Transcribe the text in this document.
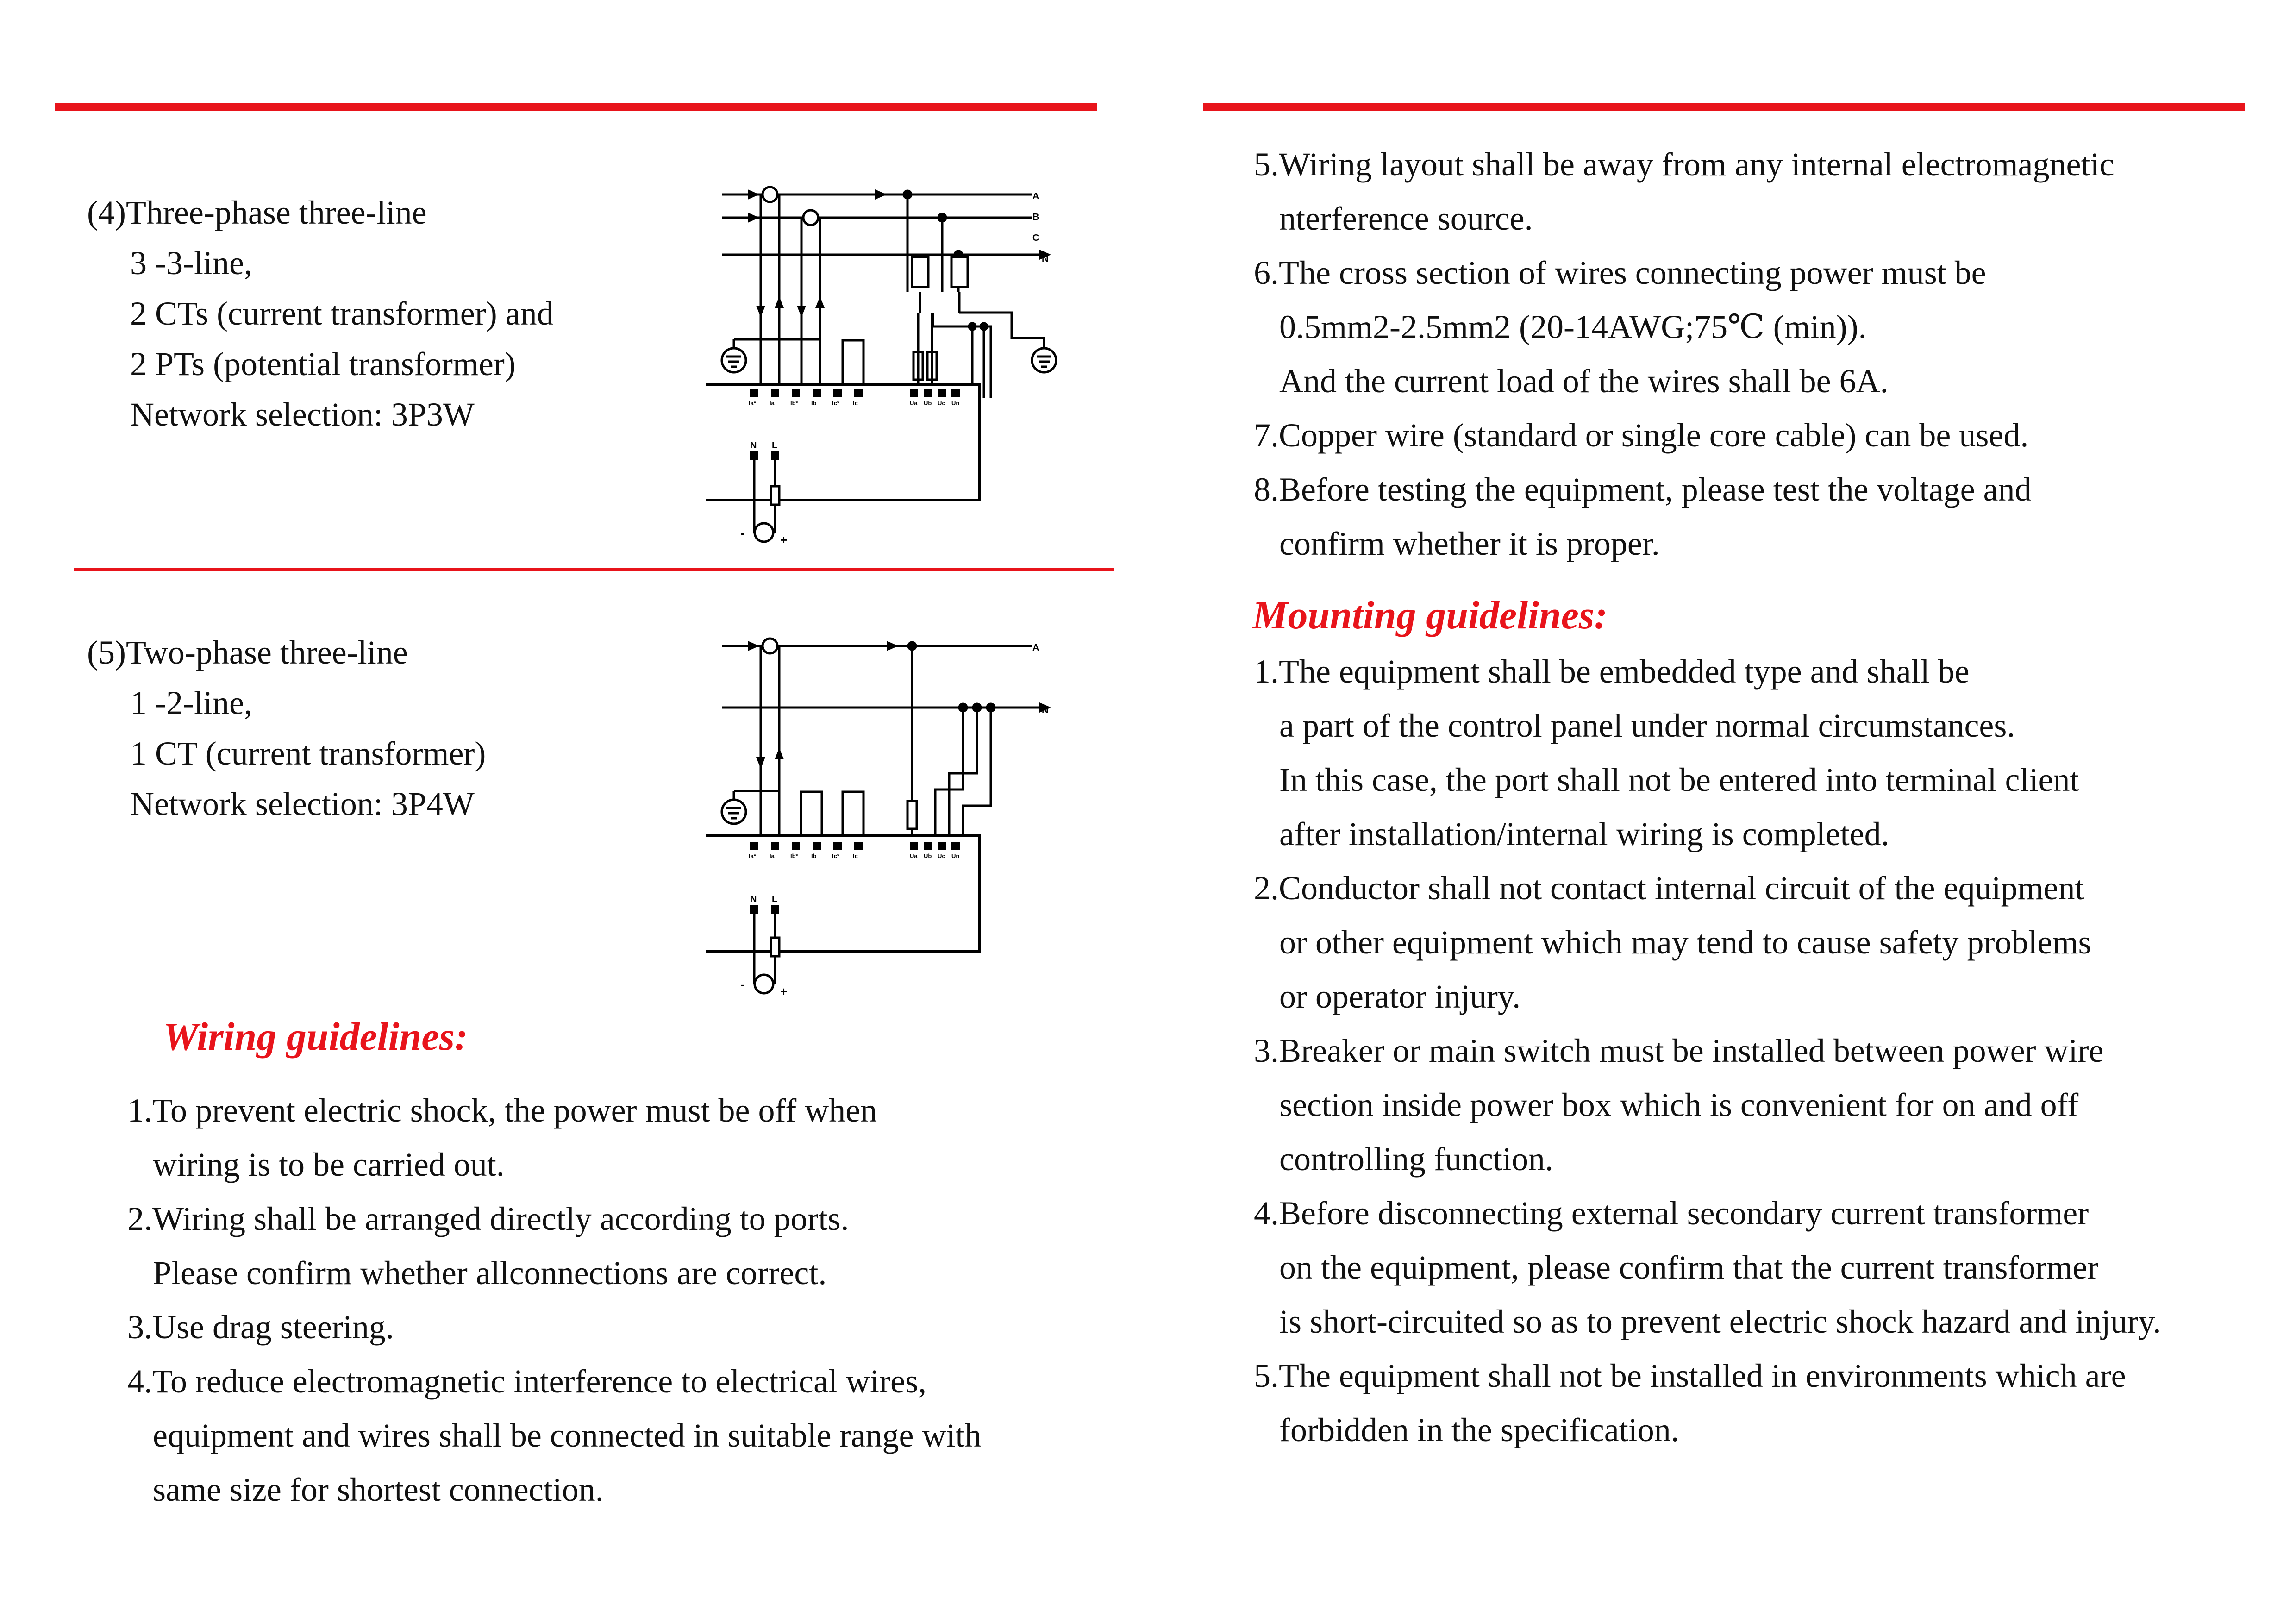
(4)Three-phase three-line
3 -3-line,
2 CTs (current transformer) and
2 PTs (potential transformer)
Network selection: 3P3W
(5)Two-phase three-line
1 -2-line,
1 CT (current transformer)
Network selection: 3P4W
Wiring guidelines:
1.To prevent electric shock, the power must be off when
wiring is to be carried out.
2.Wiring shall be arranged directly according to ports.
Please confirm whether allconnections are correct.
3.Use drag steering.
4.To reduce electromagnetic interference to electrical wires,
equipment and wires shall be connected in suitable range with
same size for shortest connection.
Ia* Ia	Ib* Ib	Ic* Ic	Ua Ub Uc Un
N L
-	+
A
B
C
N
Ia* Ia	Ib* Ib	Ic* Ic	Ua Ub Uc Un
N L
-	+
A
N
5.Wiring layout shall be away from any internal electromagnetic
nterference source.
6.The cross section of wires connecting power must be
0.5mm2-2.5mm2 (20-14AWG;75℃ (min)).
And the current load of the wires shall be 6A.
7.Copper wire (standard or single core cable) can be used.
8.Before testing the equipment, please test the voltage and
confirm whether it is proper.
Mounting guidelines:
1.The equipment shall be embedded type and shall be
a part of the control panel under normal circumstances.
In this case, the port shall not be entered into terminal client
after installation/internal wiring is completed.
2.Conductor shall not contact internal circuit of the equipment
or other equipment which may tend to cause safety problems
or operator injury.
3.Breaker or main switch must be installed between power wire
section inside power box which is convenient for on and off
controlling function.
4.Before disconnecting external secondary current transformer
on the equipment, please confirm that the current transformer
is short-circuited so as to prevent electric shock hazard and injury.
5.The equipment shall not be installed in environments which are
forbidden in the specification.
